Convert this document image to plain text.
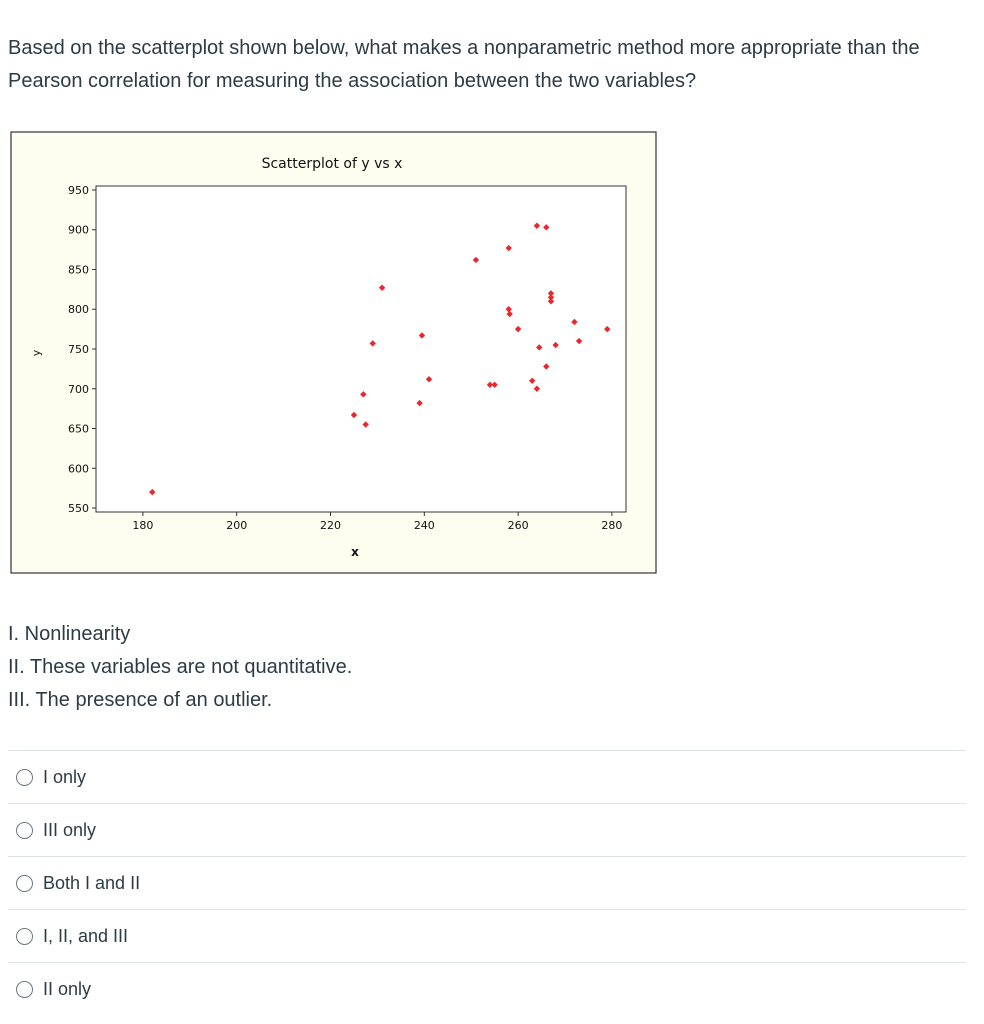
Based on the scatterplot shown below, what makes a nonparametric method more appropriate than the Pearson correlation for measuring the association between the two variables?
Scatterplot of y vs x
550
600
650
700
750
800
850
900
950
180	200	220	240	260	280
y
x
I. Nonlinearity
II. These variables are not quantitative.
III. The presence of an outlier.
I only
III only
Both I and II
I, II, and III
II only
